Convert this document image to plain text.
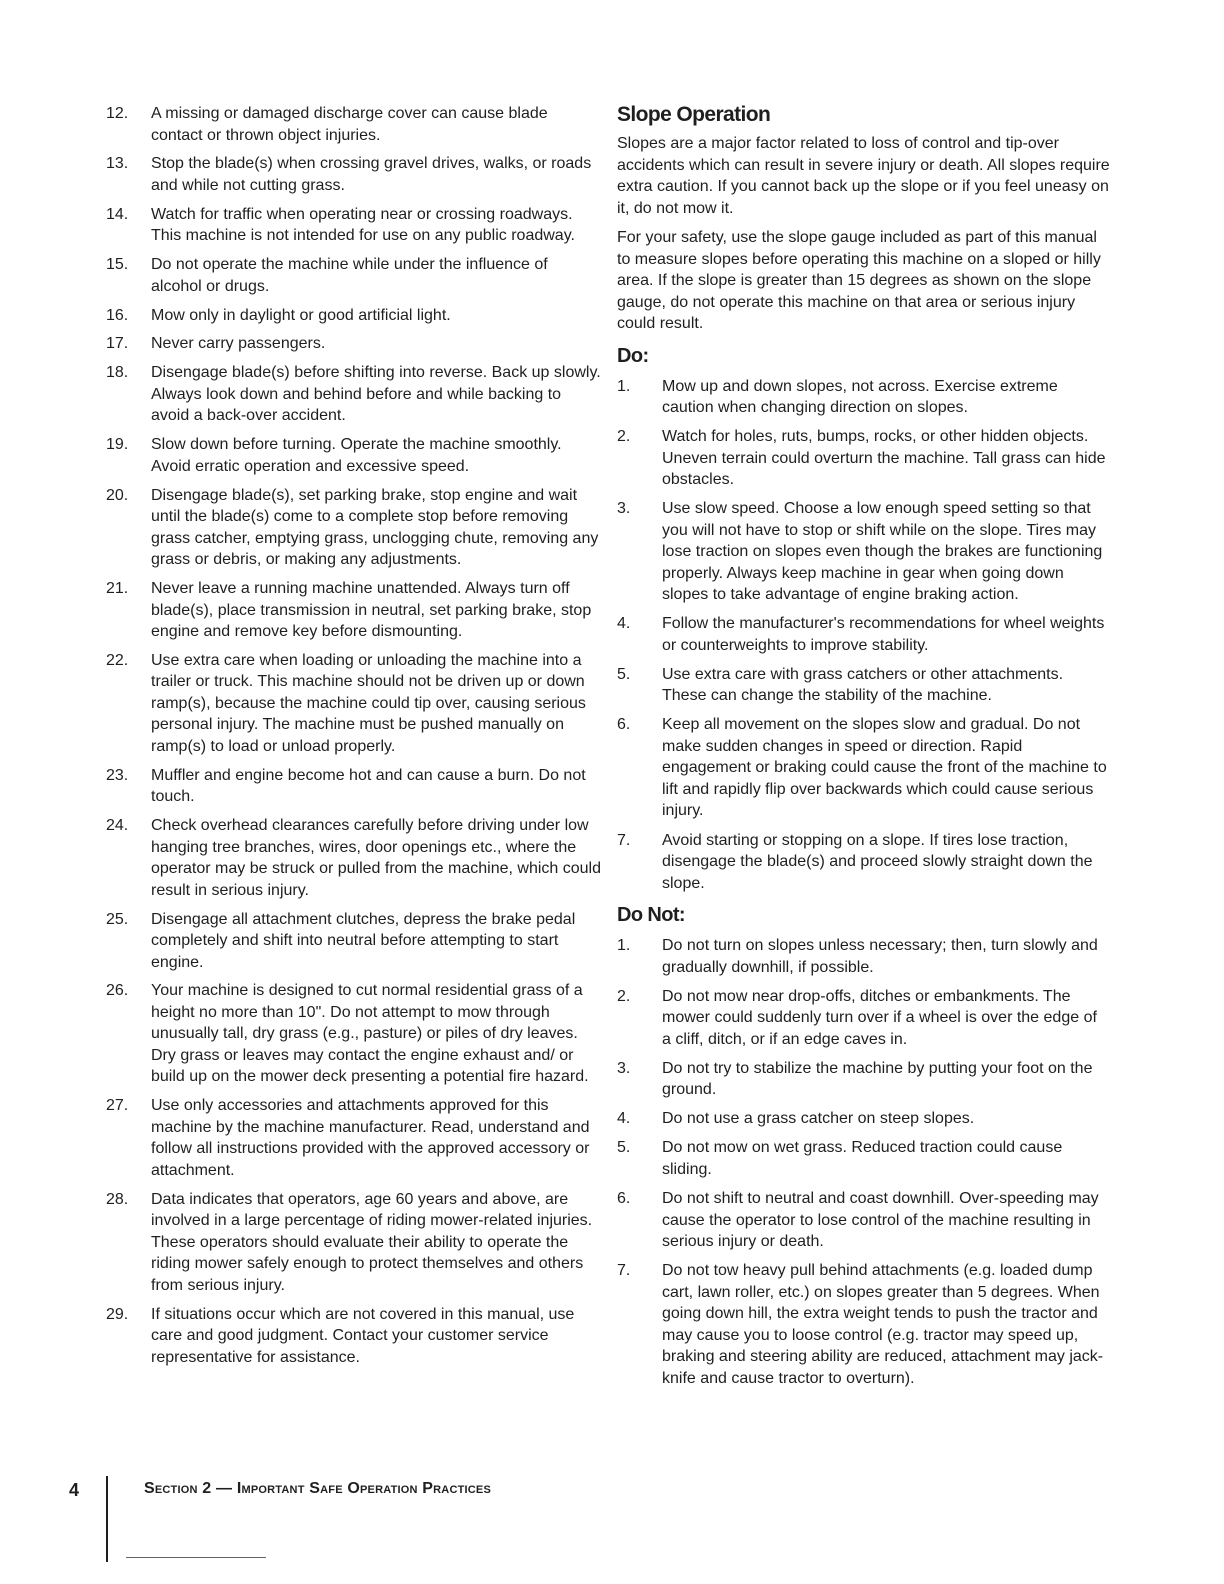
12.	A missing or damaged discharge cover can cause blade contact or thrown object injuries.
13.	Stop the blade(s) when crossing gravel drives, walks, or roads and while not cutting grass.
14.	Watch for traffic when operating near or crossing roadways. This machine is not intended for use on any public roadway.
15.	Do not operate the machine while under the influence of alcohol or drugs.
16.	Mow only in daylight or good artificial light.
17.	Never carry passengers.
18.	Disengage blade(s) before shifting into reverse. Back up slowly. Always look down and behind before and while backing to avoid a back-over accident.
19.	Slow down before turning. Operate the machine smoothly. Avoid erratic operation and excessive speed.
20.	Disengage blade(s), set parking brake, stop engine and wait until the blade(s) come to a complete stop before removing grass catcher, emptying grass, unclogging chute, removing any grass or debris, or making any adjustments.
21.	Never leave a running machine unattended. Always turn off blade(s), place transmission in neutral, set parking brake, stop engine and remove key before dismounting.
22.	Use extra care when loading or unloading the machine into a trailer or truck. This machine should not be driven up or down ramp(s), because the machine could tip over, causing serious personal injury. The machine must be pushed manually on ramp(s) to load or unload properly.
23.	Muffler and engine become hot and can cause a burn. Do not touch.
24.	Check overhead clearances carefully before driving under low hanging tree branches, wires, door openings etc., where the operator may be struck or pulled from the machine, which could result in serious injury.
25.	Disengage all attachment clutches, depress the brake pedal completely and shift into neutral before attempting to start engine.
26.	Your machine is designed to cut normal residential grass of a height no more than 10". Do not attempt to mow through unusually tall, dry grass (e.g., pasture) or piles of dry leaves. Dry grass or leaves may contact the engine exhaust and/ or build up on the mower deck presenting a potential fire hazard.
27.	Use only accessories and attachments approved for this machine by the machine manufacturer. Read, understand and follow all instructions provided with the approved accessory or attachment.
28.	Data indicates that operators, age 60 years and above, are involved in a large percentage of riding mower-related injuries. These operators should evaluate their ability to operate the riding mower safely enough to protect themselves and others from serious injury.
29.	If situations occur which are not covered in this manual, use care and good judgment. Contact your customer service representative for assistance.
Slope Operation

Slopes are a major factor related to loss of control and tip-over accidents which can result in severe injury or death. All slopes require extra caution. If you cannot back up the slope or if you feel uneasy on it, do not mow it.

For your safety, use the slope gauge included as part of this manual to measure slopes before operating this machine on a sloped or hilly area. If the slope is greater than 15 degrees as shown on the slope gauge, do not operate this machine on that area or serious injury could result.

Do:
1.	Mow up and down slopes, not across. Exercise extreme caution when changing direction on slopes.
2.	Watch for holes, ruts, bumps, rocks, or other hidden objects. Uneven terrain could overturn the machine. Tall grass can hide obstacles.
3.	Use slow speed. Choose a low enough speed setting so that you will not have to stop or shift while on the slope. Tires may lose traction on slopes even though the brakes are functioning properly. Always keep machine in gear when going down slopes to take advantage of engine braking action.
4.	Follow the manufacturer's recommendations for wheel weights or counterweights to improve stability.
5.	Use extra care with grass catchers or other attachments. These can change the stability of the machine.
6.	Keep all movement on the slopes slow and gradual. Do not make sudden changes in speed or direction. Rapid engagement or braking could cause the front of the machine to lift and rapidly flip over backwards which could cause serious injury.
7.	Avoid starting or stopping on a slope. If tires lose traction, disengage the blade(s) and proceed slowly straight down the slope.
Do Not:
1.	Do not turn on slopes unless necessary; then, turn slowly and gradually downhill, if possible.
2.	Do not mow near drop-offs, ditches or embankments. The mower could suddenly turn over if a wheel is over the edge of a cliff, ditch, or if an edge caves in.
3.	Do not try to stabilize the machine by putting your foot on the ground.
4.	Do not use a grass catcher on steep slopes.
5.	Do not mow on wet grass. Reduced traction could cause sliding.
6.	Do not shift to neutral and coast downhill. Over-speeding may cause the operator to lose control of the machine resulting in serious injury or death.
7.	Do not tow heavy pull behind attachments (e.g. loaded dump cart, lawn roller, etc.) on slopes greater than 5 degrees. When going down hill, the extra weight tends to push the tractor and may cause you to loose control (e.g. tractor may speed up, braking and steering ability are reduced, attachment may jack-knife and cause tractor to overturn).
4	Section 2 — Important Safe Operation Practices
